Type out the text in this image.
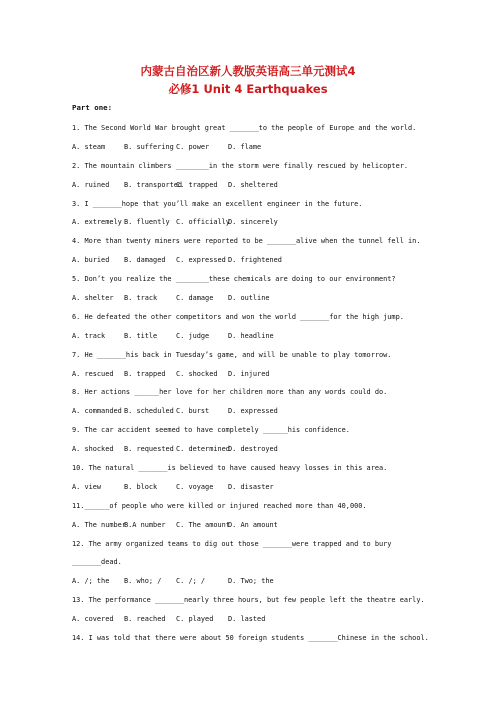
内蒙古自治区新人教版英语高三单元测试4
必修1 Unit 4 Earthquakes
Part one:
1. The Second World War brought great _______to the people of Europe and the world.
A. steam	B. suffering C. power	D. flame
2. The mountain climbers ________in the storm were finally rescued by helicopter.
A. ruined B. transported
C. trapped D. sheltered
3. I _______hope that you’ll make an excellent engineer in the future.
A. extremely B. fluently C. officially
D. sincerely
4. More than twenty miners were reported to be _______alive when the tunnel fell in.
A. buried B. damaged C. expressed D. frightened
5. Don’t you realize the ________these chemicals are doing to our environment?
A. shelter B. track	C. damage D. outline
6. He defeated the other competitors and won the world _______for the high jump.
A. track	B. title	C. judge	D. headline
7. He _______his back in Tuesday’s game, and will be unable to play tomorrow.
A. rescued B. trapped C. shocked D. injured
8. Her actions ______her love for her children more than any words could do.
A. commanded B. scheduled C. burst	D. expressed
9. The car accident seemed to have completely ______his confidence.
A. shocked B. requested C. determined
D. destroyed
10. The natural _______is believed to have caused heavy losses in this area.
A. view	B. block	C. voyage D. disaster
11.______of people who were killed or injured reached more than 40,000.
A. The number
B.A number C. The amount
D. An amount
12. The army organized teams to dig out those _______were trapped and to bury
_______dead.
A. /; the B. who; / C. /; /	D. Two; the
13. The performance _______nearly three hours, but few people left the theatre early.
A. covered B. reached C. played D. lasted
14. I was told that there were about 50 foreign students _______Chinese in the school.
